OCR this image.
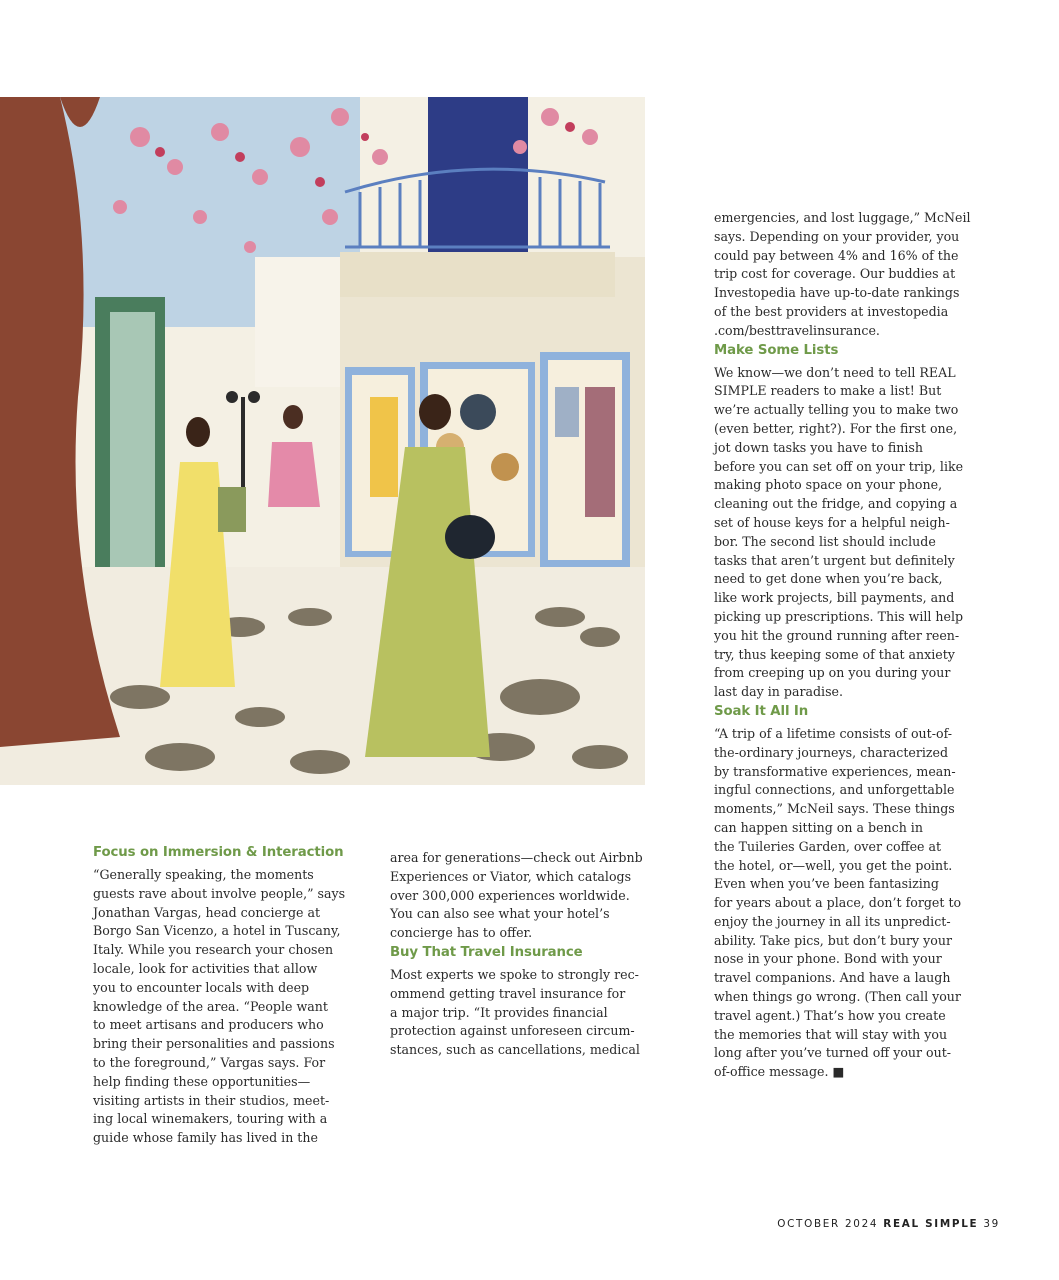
Focus on Immersion & Interaction

“Generally speaking, the moments

guests rave about involve people,” says

Jonathan Vargas, head concierge at

Borgo San Vicenzo, a hotel in Tuscany,

Italy. While you research your chosen

locale, look for activities that allow

you to encounter locals with deep

knowledge of the area. “People want

to meet artisans and producers who

bring their personalities and passions

to the foreground,” Vargas says. For

help finding these opportunities—

visiting artists in their studios, meet-

ing local winemakers, touring with a

guide whose family has lived in the

area for generations—check out Airbnb

Experiences or Viator, which catalogs

over 300,000 experiences worldwide.

You can also see what your hotel’s

concierge has to offer.

Buy That Travel Insurance

Most experts we spoke to strongly rec-

ommend getting travel insurance for

a major trip. “It provides financial

protection against unforeseen circum-

stances, such as cancellations, medical

emergencies, and lost luggage,” McNeil

says. Depending on your provider, you

could pay between 4% and 16% of the

trip cost for coverage. Our buddies at

Investopedia have up-to-date rankings

of the best providers at investopedia

.com/besttravelinsurance.

Make Some Lists

We know—we don’t need to tell REAL

SIMPLE readers to make a list! But

we’re actually telling you to make two

(even better, right?). For the first one,

jot down tasks you have to finish

before you can set off on your trip, like

making photo space on your phone,

cleaning out the fridge, and copying a

set of house keys for a helpful neigh-

bor. The second list should include

tasks that aren’t urgent but definitely

need to get done when you’re back,

like work projects, bill payments, and

picking up prescriptions. This will help

you hit the ground running after reen-

try, thus keeping some of that anxiety

from creeping up on you during your

last day in paradise.

Soak It All In

“A trip of a lifetime consists of out-of-

the-ordinary journeys, characterized

by transformative experiences, mean-

ingful connections, and unforgettable

moments,” McNeil says. These things

can happen sitting on a bench in

the Tuileries Garden, over coffee at

the hotel, or—well, you get the point.

Even when you’ve been fantasizing

for years about a place, don’t forget to

enjoy the journey in all its unpredict-

ability. Take pics, but don’t bury your

nose in your phone. Bond with your

travel companions. And have a laugh

when things go wrong. (Then call your

travel agent.) That’s how you create

the memories that will stay with you

long after you’ve turned off your out-

of-office message. ■

OCTOBER 2024 REAL SIMPLE 39
